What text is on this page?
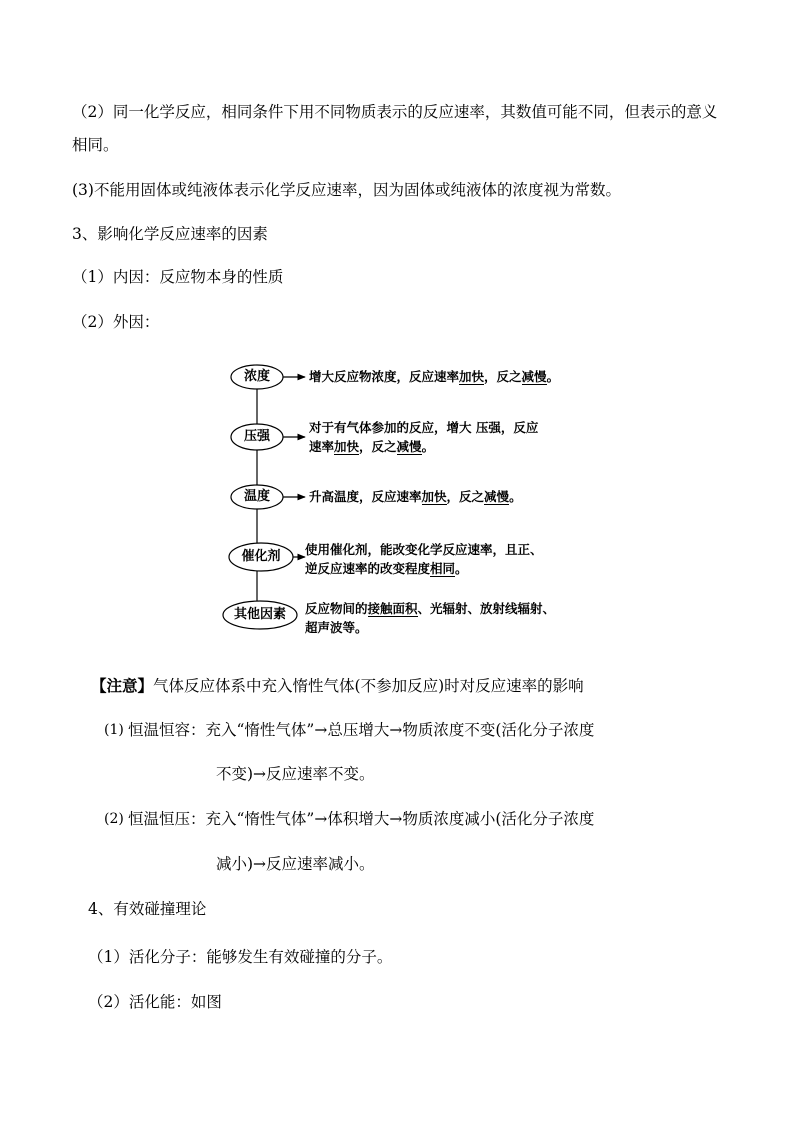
（2）同一化学反应，相同条件下用不同物质表示的反应速率，其数值可能不同，但表示的意义相同。
(3)不能用固体或纯液体表示化学反应速率，因为固体或纯液体的浓度视为常数。
3、影响化学反应速率的因素
（1）内因：反应物本身的性质
（2）外因：
浓度
压强
温度
催化剂
其他因素
增大反应物浓度，反应速率加快，反之减慢。
对于有气体参加的反应，增大 压强，反应
速率加快，反之减慢。
升高温度，反应速率加快，反之减慢。
使用催化剂，能改变化学反应速率，且正、
逆反应速率的改变程度相同。
反应物间的接触面积、光辐射、放射线辐射、
超声波等。
【注意】气体反应体系中充入惰性气体(不参加反应)时对反应速率的影响
(1) 恒温恒容：充入“惰性气体”→总压增大→物质浓度不变(活化分子浓度
不变)→反应速率不变。
(2) 恒温恒压：充入“惰性气体”→体积增大→物质浓度减小(活化分子浓度
减小)→反应速率减小。
4、有效碰撞理论
（1）活化分子：能够发生有效碰撞的分子。
（2）活化能：如图
